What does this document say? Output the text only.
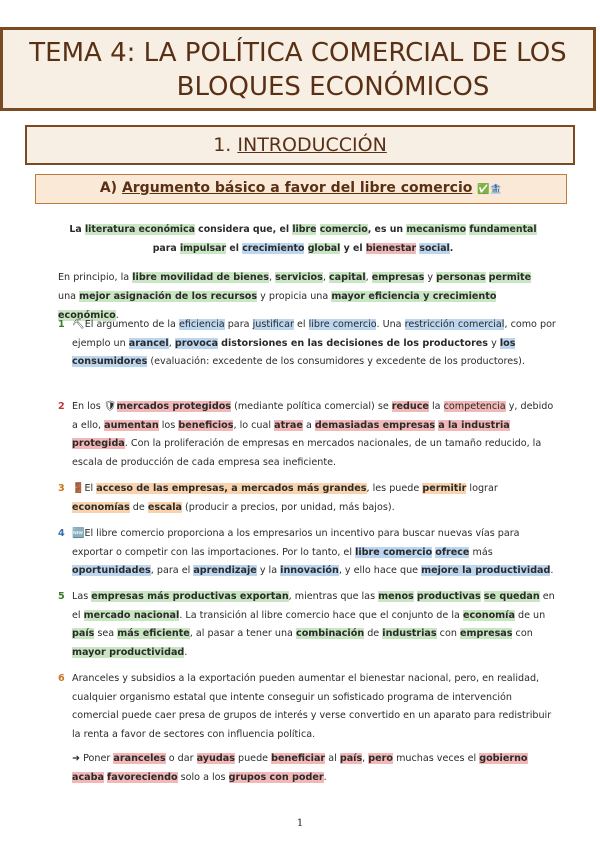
TEMA 4: LA POLÍTICA COMERCIAL DE LOS
BLOQUES ECONÓMICOS
1. INTRODUCCIÓN
A) Argumento básico a favor del libre comercio ✅🏦
La literatura económica considera que, el libre comercio, es un mecanismo fundamental para impulsar el crecimiento global y el bienestar social.
En principio, la libre movilidad de bienes, servicios, capital, empresas y personas permite una mejor asignación de los recursos y propicia una mayor eficiencia y crecimiento económico.
1 ⛏El argumento de la eficiencia para justificar el libre comercio. Una restricción comercial, como por ejemplo un arancel, provoca distorsiones en las decisiones de los productores y los consumidores (evaluación: excedente de los consumidores y excedente de los productores).
2 En los 🛡mercados protegidos (mediante política comercial) se reduce la competencia y, debido a ello, aumentan los beneficios, lo cual atrae a demasiadas empresas a la industria protegida. Con la proliferación de empresas en mercados nacionales, de un tamaño reducido, la escala de producción de cada empresa sea ineficiente.
3 🚪El acceso de las empresas, a mercados más grandes, les puede permitir lograr economías de escala (producir a precios, por unidad, más bajos).
4 🆕El libre comercio proporciona a los empresarios un incentivo para buscar nuevas vías para exportar o competir con las importaciones. Por lo tanto, el libre comercio ofrece más oportunidades, para el aprendizaje y la innovación, y ello hace que mejore la productividad.
5 Las empresas más productivas exportan, mientras que las menos productivas se quedan en el mercado nacional. La transición al libre comercio hace que el conjunto de la economía de un país sea más eficiente, al pasar a tener una combinación de industrias con empresas con mayor productividad.
6 Aranceles y subsidios a la exportación pueden aumentar el bienestar nacional, pero, en realidad, cualquier organismo estatal que intente conseguir un sofisticado programa de intervención comercial puede caer presa de grupos de interés y verse convertido en un aparato para redistribuir la renta a favor de sectores con influencia política.
➜ Poner aranceles o dar ayudas puede beneficiar al país, pero muchas veces el gobierno acaba favoreciendo solo a los grupos con poder.
1
